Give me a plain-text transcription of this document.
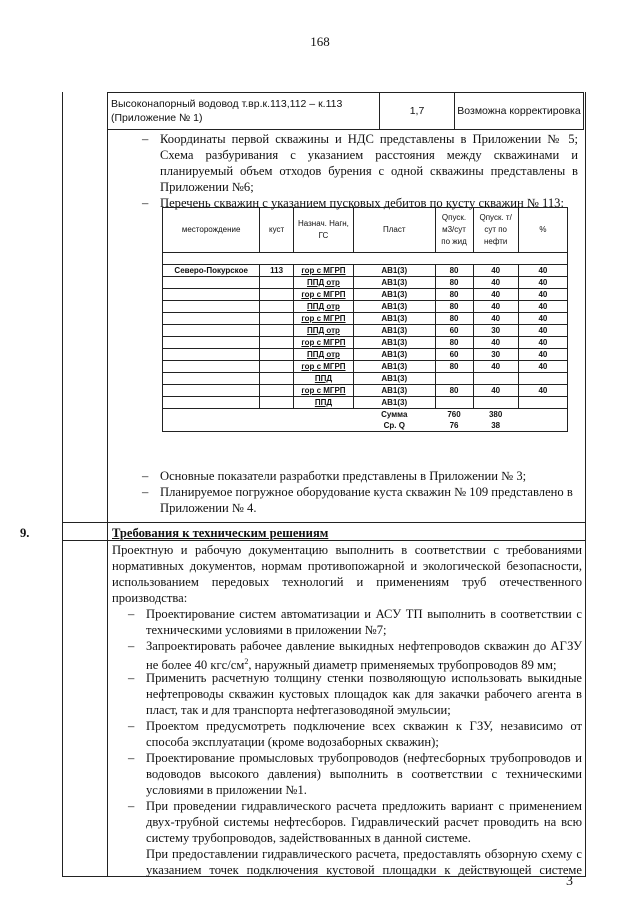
168
Высоконапорный водовод т.вр.к.113,112 – к.113 (Приложение № 1)
1,7	Возможна корректировка
– Координаты первой скважины и НДС представлены в Приложении № 5; Схема разбуривания с указанием расстояния между скважинами и планируемый объем отходов бурения с одной скважины представлены в Приложении №6;
– Перечень скважин с указанием пусковых дебитов по кусту скважин № 113:
месторождение	куст	Назнач. Нагн, ГС	Пласт	Qпуск. м3/сут по жид	Qпуск. т/сут по нефти	%

Северо-Покурское	113	гор с МГРП	АВ1(3)	80	40	40
		ППД отр	АВ1(3)	80	40	40
		гор с МГРП	АВ1(3)	80	40	40
		ППД отр	АВ1(3)	80	40	40
		гор с МГРП	АВ1(3)	80	40	40
		ППД отр	АВ1(3)	60	30	40
		гор с МГРП	АВ1(3)	80	40	40
		ППД отр	АВ1(3)	60	30	40
		гор с МГРП	АВ1(3)	80	40	40
		ППД	АВ1(3)			
		гор с МГРП	АВ1(3)	80	40	40
		ППД	АВ1(3)			
			Сумма	760	380	
			Ср. Q	76	38	
– Основные показатели разработки представлены в Приложении № 3;
– Планируемое погружное оборудование куста скважин № 109 представлено в Приложении № 4.
9.	Требования к техническим решениям
Проектную и рабочую документацию выполнить в соответствии с требованиями нормативных документов, нормам противопожарной и экологической безопасности, использованием передовых технологий и применениям труб отечественного производства:
– Проектирование систем автоматизации и АСУ ТП выполнить в соответствии с техническими условиями в приложении №7;
– Запроектировать рабочее давление выкидных нефтепроводов скважин до АГЗУ не более 40 кгс/$см^2$, наружный диаметр применяемых трубопроводов 89 мм;
– Применить расчетную толщину стенки позволяющую использовать выкидные нефтепроводы скважин кустовых площадок как для закачки рабочего агента в пласт, так и для транспорта нефтегазоводяной эмульсии;
– Проектом предусмотреть подключение всех скважин к ГЗУ, независимо от способа эксплуатации (кроме водозаборных скважин);
– Проектирование промысловых трубопроводов (нефтесборных трубопроводов и водоводов высокого давления) выполнить в соответствии с техническими условиями в приложении №1.
– При проведении гидравлического расчета предложить вариант с применением двух-трубной системы нефтесборов. Гидравлический расчет проводить на всю систему трубопроводов, задействованных в данной системе.
При предоставлении гидравлического расчета, предоставлять обзорную схему с указанием точек подключения кустовой площадки к действующей системе
3
